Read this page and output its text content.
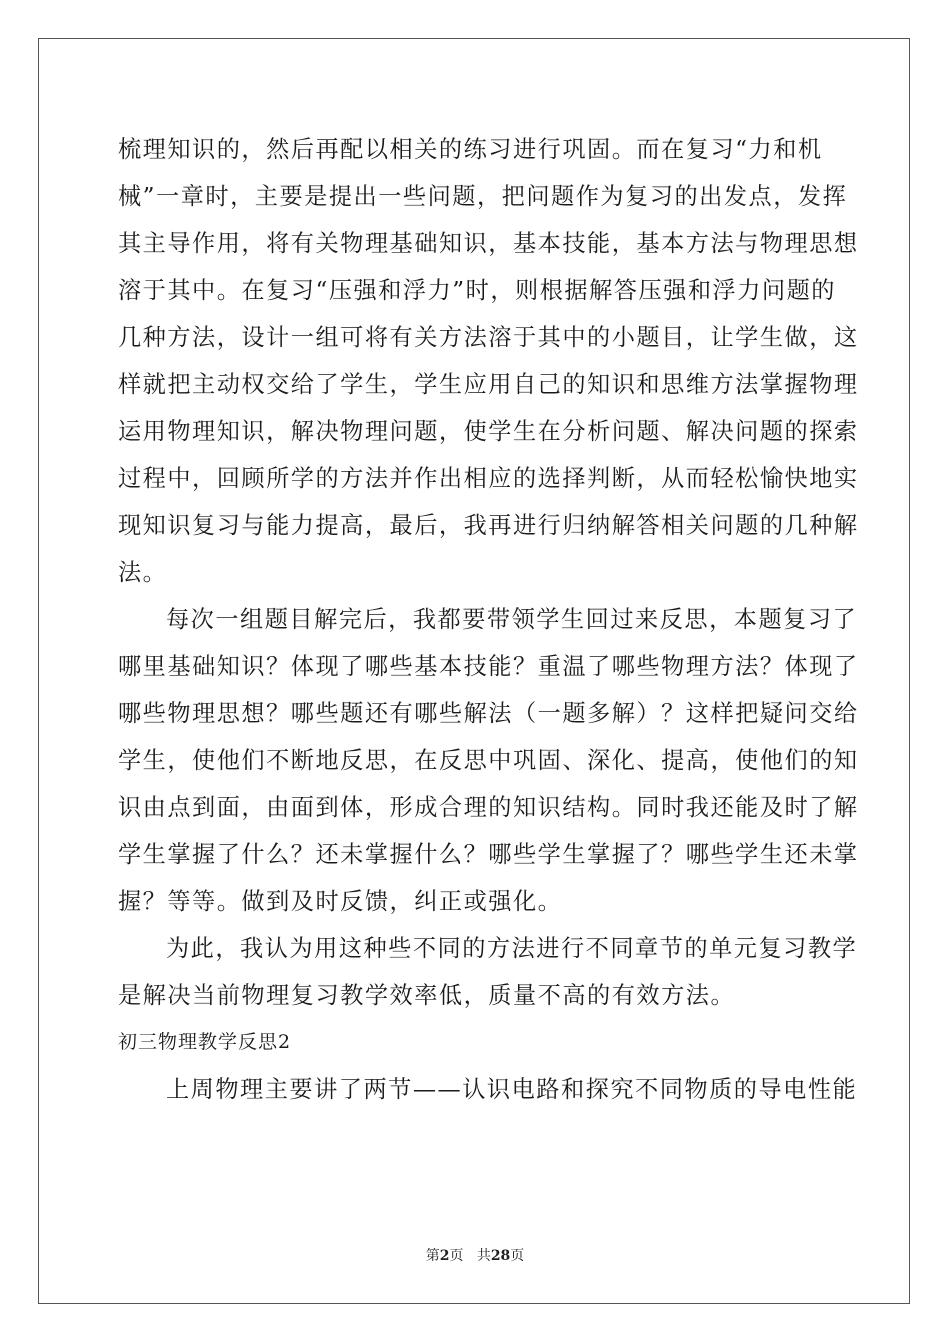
梳理知识的，然后再配以相关的练习进行巩固。而在复习“力和机
械”一章时，主要是提出一些问题，把问题作为复习的出发点，发挥
其主导作用，将有关物理基础知识，基本技能，基本方法与物理思想
溶于其中。在复习“压强和浮力”时，则根据解答压强和浮力问题的
几种方法，设计一组可将有关方法溶于其中的小题目，让学生做，这
样就把主动权交给了学生，学生应用自己的知识和思维方法掌握物理
运用物理知识，解决物理问题，使学生在分析问题、解决问题的探索
过程中，回顾所学的方法并作出相应的选择判断，从而轻松愉快地实
现知识复习与能力提高，最后，我再进行归纳解答相关问题的几种解
法。
每次一组题目解完后，我都要带领学生回过来反思，本题复习了
哪里基础知识？体现了哪些基本技能？重温了哪些物理方法？体现了
哪些物理思想？哪些题还有哪些解法（一题多解）？这样把疑问交给
学生，使他们不断地反思，在反思中巩固、深化、提高，使他们的知
识由点到面，由面到体，形成合理的知识结构。同时我还能及时了解
学生掌握了什么？还未掌握什么？哪些学生掌握了？哪些学生还未掌
握？等等。做到及时反馈，纠正或强化。
为此，我认为用这种些不同的方法进行不同章节的单元复习教学
是解决当前物理复习教学效率低，质量不高的有效方法。
初三物理教学反思2
上周物理主要讲了两节——认识电路和探究不同物质的导电性能
第2页 共28页
